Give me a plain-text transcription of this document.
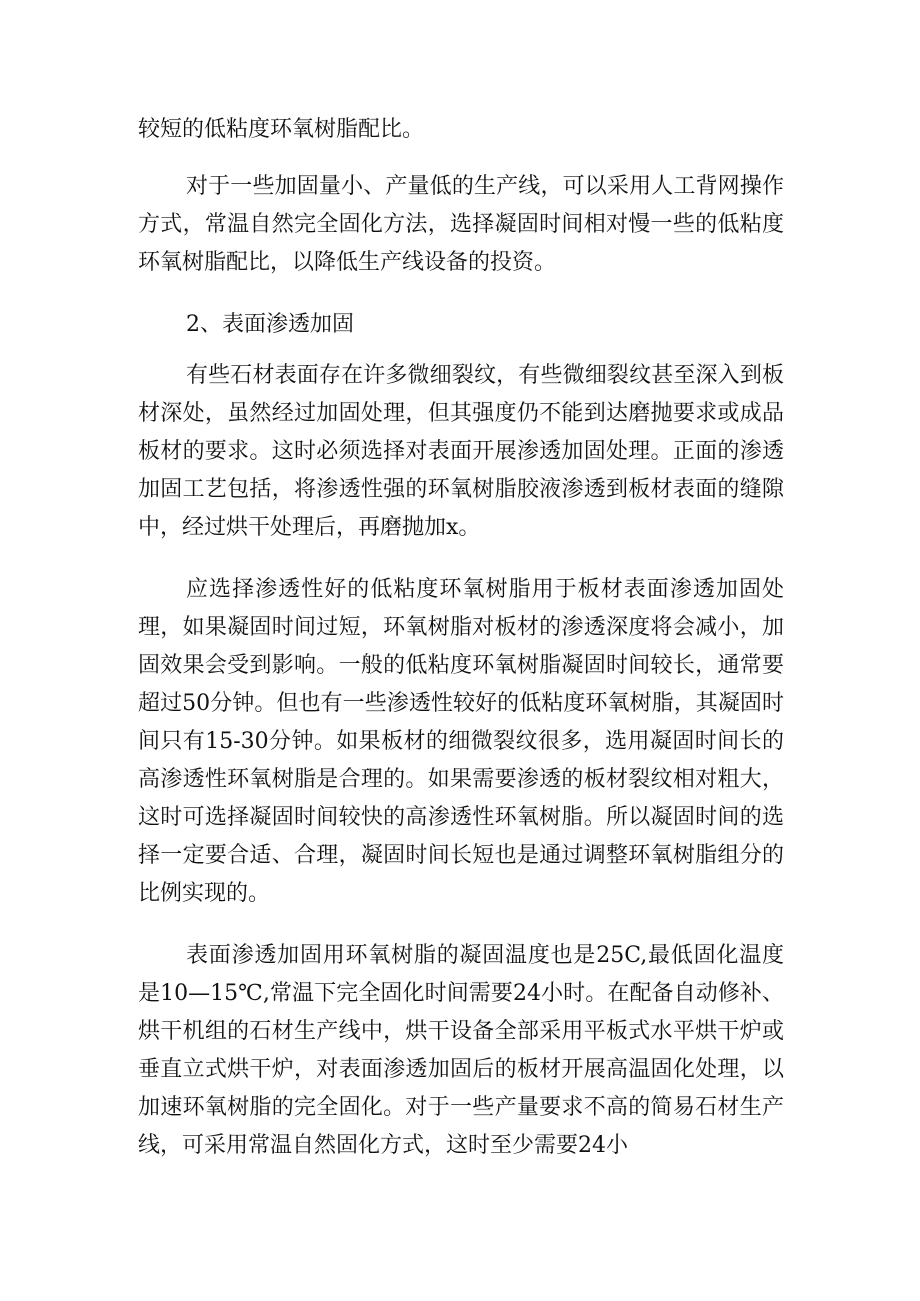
较短的低粘度环氧树脂配比。

对于一些加固量小、产量低的生产线，可以采用人工背网操作方式，常温自然完全固化方法，选择凝固时间相对慢一些的低粘度环氧树脂配比，以降低生产线设备的投资。

2、表面渗透加固

有些石材表面存在许多微细裂纹，有些微细裂纹甚至深入到板材深处，虽然经过加固处理，但其强度仍不能到达磨抛要求或成品板材的要求。这时必须选择对表面开展渗透加固处理。正面的渗透加固工艺包括，将渗透性强的环氧树脂胶液渗透到板材表面的缝隙中，经过烘干处理后，再磨抛加x。

应选择渗透性好的低粘度环氧树脂用于板材表面渗透加固处理，如果凝固时间过短，环氧树脂对板材的渗透深度将会减小，加固效果会受到影响。一般的低粘度环氧树脂凝固时间较长，通常要超过50分钟。但也有一些渗透性较好的低粘度环氧树脂，其凝固时间只有15-30分钟。如果板材的细微裂纹很多，选用凝固时间长的高渗透性环氧树脂是合理的。如果需要渗透的板材裂纹相对粗大，这时可选择凝固时间较快的高渗透性环氧树脂。所以凝固时间的选择一定要合适、合理，凝固时间长短也是通过调整环氧树脂组分的比例实现的。

表面渗透加固用环氧树脂的凝固温度也是25C,最低固化温度是10—15℃,常温下完全固化时间需要24小时。在配备自动修补、烘干机组的石材生产线中，烘干设备全部采用平板式水平烘干炉或垂直立式烘干炉，对表面渗透加固后的板材开展高温固化处理，以加速环氧树脂的完全固化。对于一些产量要求不高的简易石材生产线，可采用常温自然固化方式，这时至少需要24小
